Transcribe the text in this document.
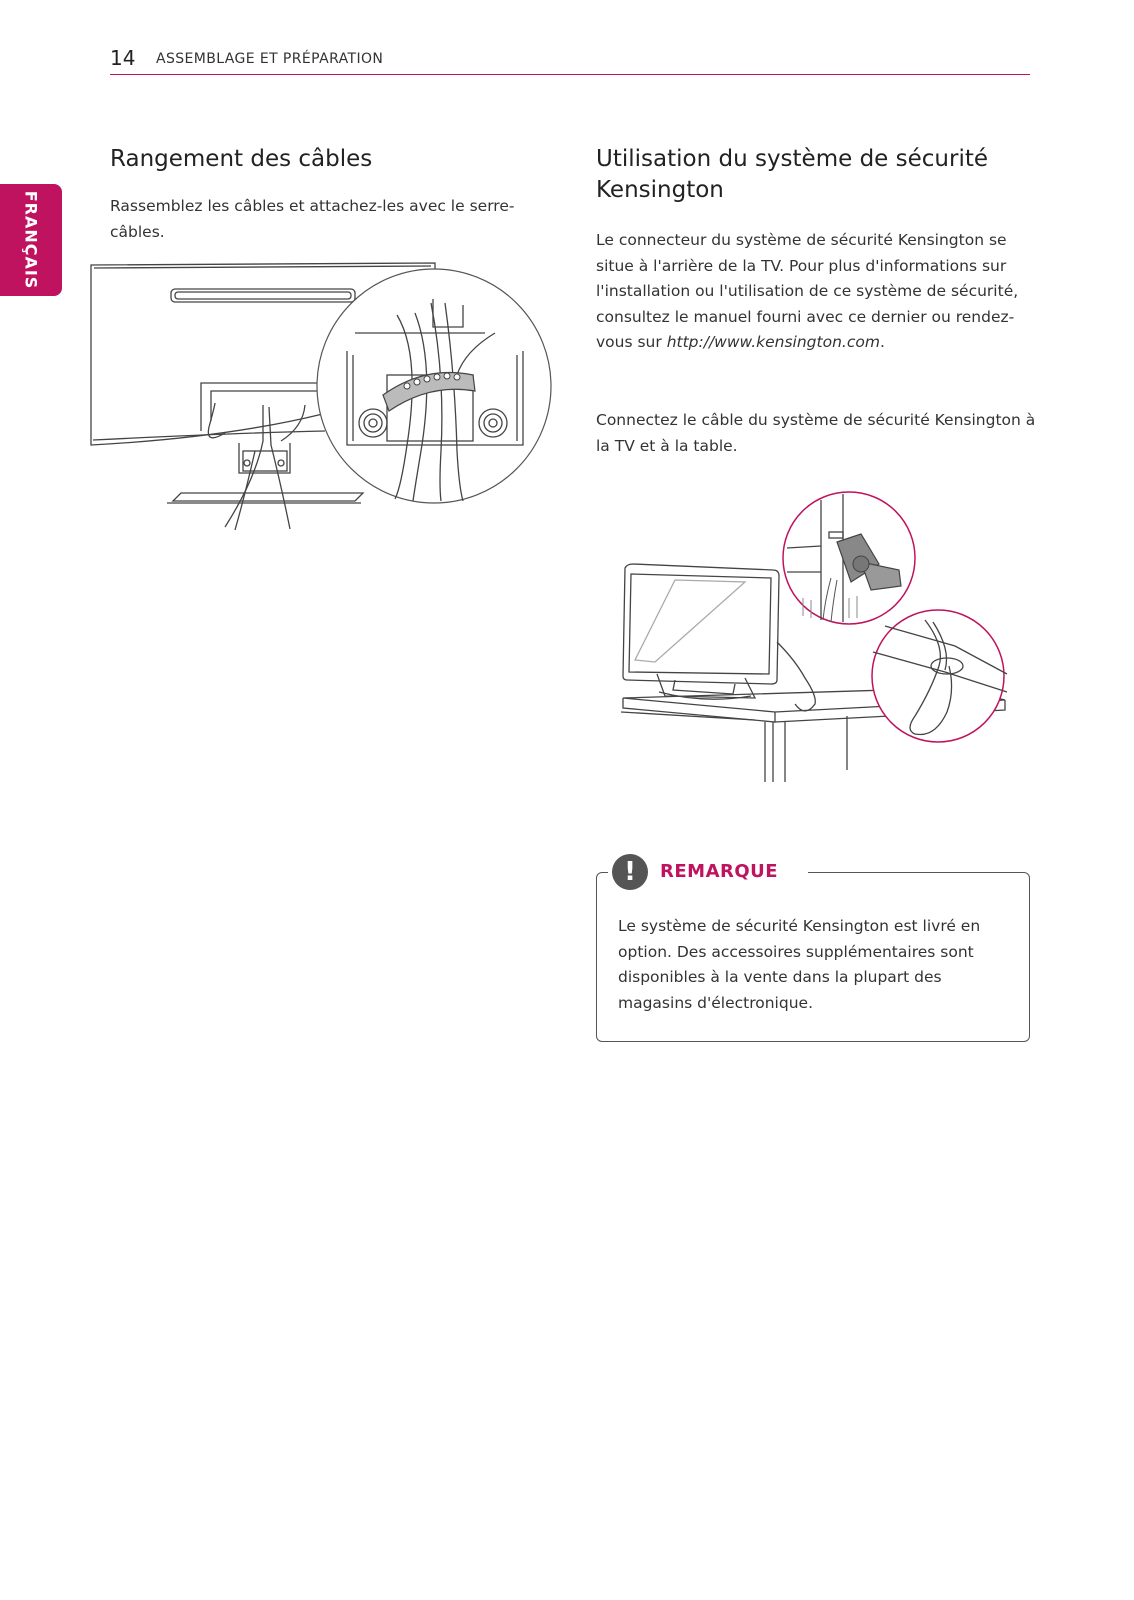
14 ASSEMBLAGE ET PRÉPARATION
FRANÇAIS
Rangement des câbles

Rassemblez les câbles et attachez-les avec le serre-câbles.

Utilisation du système de sécurité Kensington

Le connecteur du système de sécurité Kensington se situe à l'arrière de la TV. Pour plus d'informations sur l'installation ou l'utilisation de ce système de sécurité, consultez le manuel fourni avec ce dernier ou rendez-vous sur http://www.kensington.com.

Connectez le câble du système de sécurité Kensington à la TV et à la table.

!	REMARQUE

Le système de sécurité Kensington est livré en option. Des accessoires supplémentaires sont disponibles à la vente dans la plupart des magasins d'électronique.
